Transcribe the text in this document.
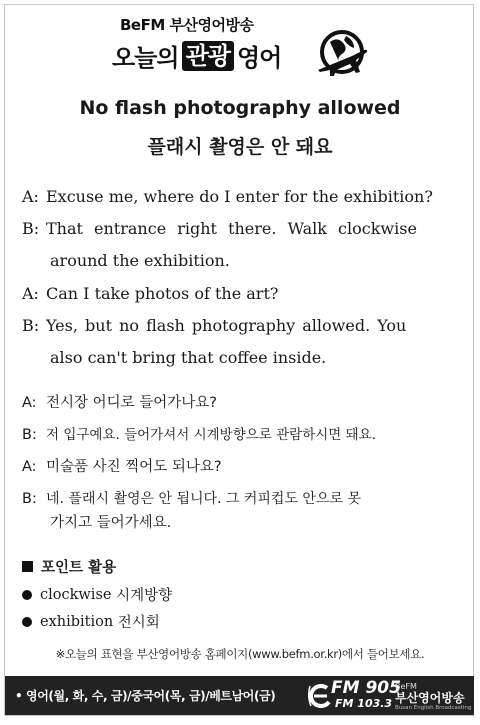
BeFM 부산영어방송
오늘의 관광 영어
No flash photography allowed
플래시 촬영은 안 돼요
A: Excuse me, where do I enter for the exhibition?
B: That entrance right there. Walk clockwise
around the exhibition.
A: Can I take photos of the art?
B: Yes, but no flash photography allowed. You
also can't bring that coffee inside.
A: 전시장 어디로 들어가나요?
B: 저 입구예요. 들어가셔서 시계방향으로 관람하시면 돼요.
A: 미술품 사진 찍어도 되나요?
B: 네. 플래시 촬영은 안 됩니다. 그 커피컵도 안으로 못
가지고 들어가세요.
포인트 활용
clockwise
시계방향
exhibition
전시회
※오늘의 표현을 부산영어방송 홈페이지(www.befm.or.kr)에서 들어보세요.
• 영어(월, 화, 수, 금)/중국어(목, 금)/베트남어(금)	FM 905
FM 103.3
BeFM
부산영어방송
Busan English Broadcasting
